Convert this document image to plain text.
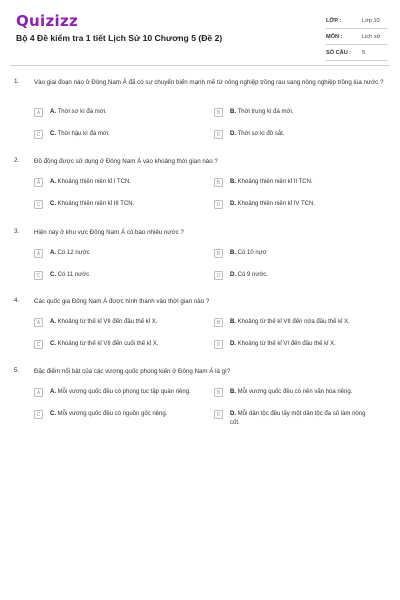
Quizizz
Bộ 4 Đề kiểm tra 1 tiết Lịch Sử 10 Chương 5 (Đề 2)
LỚP :	Lớp 10
MÔN :	Lịch sử
SỐ CÂU :	5
1. Vào giai đoạn nào ở Đông Nam Á đã có sự chuyển biến mạnh mẽ từ nông nghiệp trồng rau sang nông nghiệp trồng lúa nước ?
A	A. Thời sơ kì đá mới.	B	B. Thời trung kì đá mới.
C	C. Thời hậu kì đá mới.	D	D. Thời sơ kì đồ sắt.
2. Đồ đồng được sử dụng ở Đông Nam Á vào khoảng thời gian nào ?
A	A. Khoảng thiên niên kỉ I TCN.	B	B. Khoảng thiên niên kỉ II TCN.
C	C. Khoảng thiên niên kỉ III TCN.	D	D. Khoảng thiên niên kỉ IV TCN.
3. Hiện nay ở khu vực Đông Nam Á có bao nhiêu nước ?
A	A. Có 12 nước	B	B. Có 10 nựơ
C	C. Có 11 nước	D	D. Có 9 nước.
4. Các quốc gia Đông Nam Á được hình thành vào thời gian nào ?
A	A. Khoảng từ thế kỉ VII đến đầu thế kỉ X.	B	B. Khoảng từ thế kỉ VII đến nửa đầu thế kỉ X.
C	C. Khoảng từ thế kỉ VII đến cuối thế kỉ X.	D	D. Khoảng từ thế kỉ VI đến đầu thế kỉ X.
5. Đặc điểm nổi bật của các vương quốc phong kiến ở Đông Nam Á là gì?
A	A. Mỗi vương quốc đều có phong tục tập quán riêng.	B	B. Mỗi vương quốc đều có nền văn hóa riêng.
C	C. Mỗi vương quốc đều có nguồn gốc riêng.	D	D. Mỗi dân tộc đều lấy một dân tộc đa số làm nòng cốt.
